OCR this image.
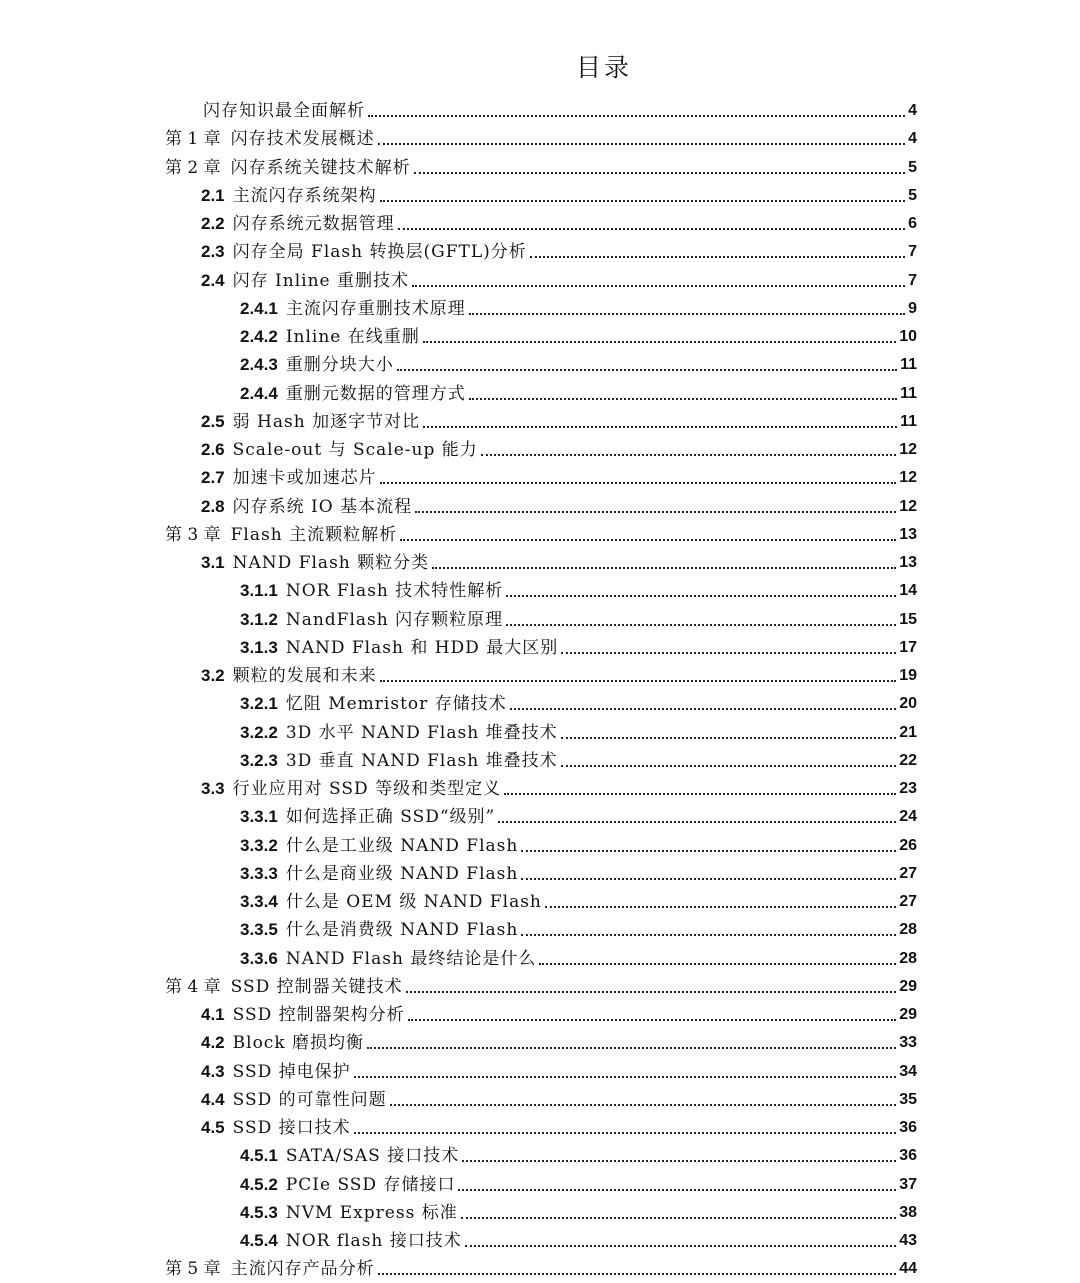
目录
闪存知识最全面解析	4
第 1 章 闪存技术发展概述	4
第 2 章 闪存系统关键技术解析	5
2.1 主流闪存系统架构	5
2.2 闪存系统元数据管理	6
2.3 闪存全局 Flash 转换层(GFTL)分析	7
2.4 闪存 Inline 重删技术	7
2.4.1 主流闪存重删技术原理	9
2.4.2 Inline 在线重删	10
2.4.3 重删分块大小	11
2.4.4 重删元数据的管理方式	11
2.5 弱 Hash 加逐字节对比	11
2.6 Scale-out 与 Scale-up 能力	12
2.7 加速卡或加速芯片	12
2.8 闪存系统 IO 基本流程	12
第 3 章 Flash 主流颗粒解析	13
3.1 NAND Flash 颗粒分类	13
3.1.1 NOR Flash 技术特性解析	14
3.1.2 NandFlash 闪存颗粒原理	15
3.1.3 NAND Flash 和 HDD 最大区别	17
3.2 颗粒的发展和未来	19
3.2.1 忆阻 Memristor 存储技术	20
3.2.2 3D 水平 NAND Flash 堆叠技术	21
3.2.3 3D 垂直 NAND Flash 堆叠技术	22
3.3 行业应用对 SSD 等级和类型定义	23
3.3.1 如何选择正确 SSD“级别”	24
3.3.2 什么是工业级 NAND Flash	26
3.3.3 什么是商业级 NAND Flash	27
3.3.4 什么是 OEM 级 NAND Flash	27
3.3.5 什么是消费级 NAND Flash	28
3.3.6 NAND Flash 最终结论是什么	28
第 4 章 SSD 控制器关键技术	29
4.1 SSD 控制器架构分析	29
4.2 Block 磨损均衡	33
4.3 SSD 掉电保护	34
4.4 SSD 的可靠性问题	35
4.5 SSD 接口技术	36
4.5.1 SATA/SAS 接口技术	36
4.5.2 PCIe SSD 存储接口	37
4.5.3 NVM Express 标准	38
4.5.4 NOR flash 接口技术	43
第 5 章 主流闪存产品分析	44
